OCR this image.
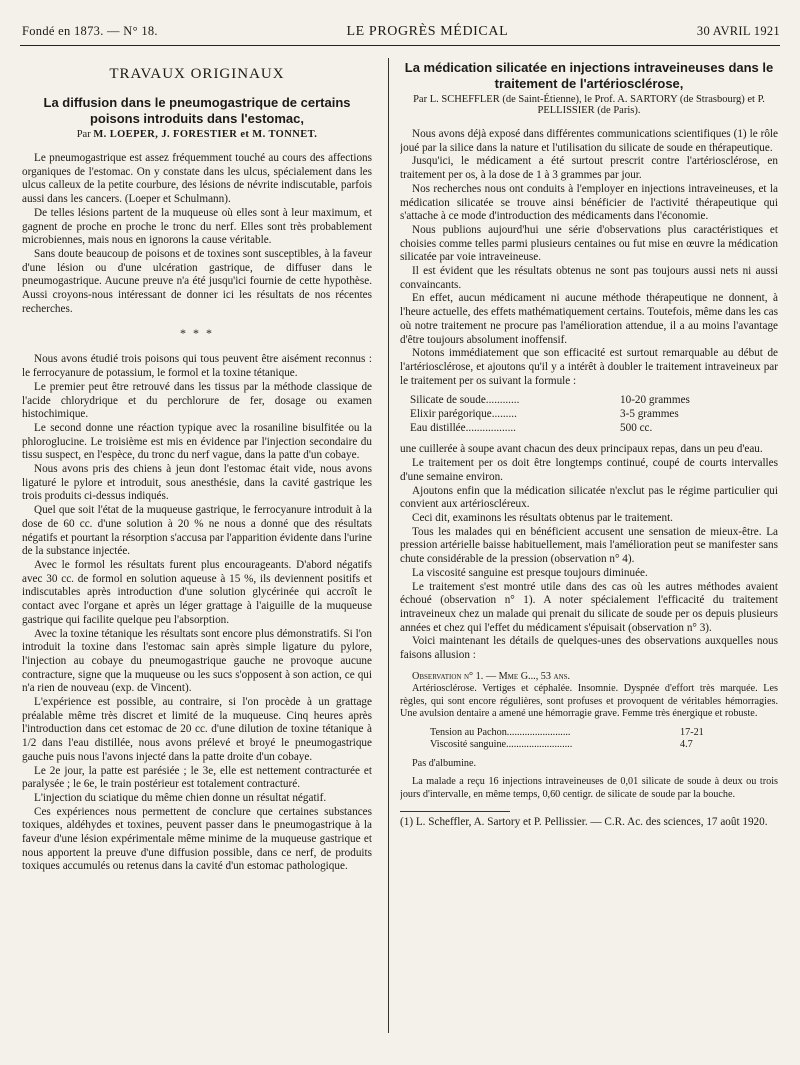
Fondé en 1873. — N° 18.	LE PROGRÈS MÉDICAL	30 AVRIL 1921
TRAVAUX ORIGINAUX
La diffusion dans le pneumogastrique de certains poisons introduits dans l'estomac,
Par M. LOEPER, J. FORESTIER et M. TONNET.

Le pneumogastrique est assez fréquemment touché au cours des affections organiques de l'estomac. On y constate dans les ulcus, spécialement dans les ulcus calleux de la petite courbure, des lésions de névrite indiscutable, parfois aussi dans les cancers. (Loeper et Schulmann).

De telles lésions partent de la muqueuse où elles sont à leur maximum, et gagnent de proche en proche le tronc du nerf. Elles sont très probablement microbiennes, mais nous en ignorons la cause véritable.

Sans doute beaucoup de poisons et de toxines sont susceptibles, à la faveur d'une lésion ou d'une ulcération gastrique, de diffuser dans le pneumogastrique. Aucune preuve n'a été jusqu'ici fournie de cette hypothèse. Aussi croyons-nous intéressant de donner ici les résultats de nos récentes recherches.

* * *

Nous avons étudié trois poisons qui tous peuvent être aisément reconnus : le ferrocyanure de potassium, le formol et la toxine tétanique.

Le premier peut être retrouvé dans les tissus par la méthode classique de l'acide chlorydrique et du perchlorure de fer, dosage ou examen histochimique.

Le second donne une réaction typique avec la rosaniline bisulfitée ou la phloroglucine. Le troisième est mis en évidence par l'injection secondaire du tissu suspect, en l'espèce, du tronc du nerf vague, dans la patte d'un cobaye.

Nous avons pris des chiens à jeun dont l'estomac était vide, nous avons ligaturé le pylore et introduit, sous anesthésie, dans la cavité gastrique les trois produits ci-dessus indiqués.

Quel que soit l'état de la muqueuse gastrique, le ferrocyanure introduit à la dose de 60 cc. d'une solution à 20 % ne nous a donné que des résultats négatifs et pourtant la résorption s'accusa par l'apparition évidente dans l'urine de la substance injectée.

Avec le formol les résultats furent plus encourageants. D'abord négatifs avec 30 cc. de formol en solution aqueuse à 15 %, ils deviennent positifs et indiscutables après introduction d'une solution glycérinée qui accroît le contact avec l'organe et après un léger grattage à l'aiguille de la muqueuse gastrique qui facilite quelque peu l'absorption.

Avec la toxine tétanique les résultats sont encore plus démonstratifs. Si l'on introduit la toxine dans l'estomac sain après simple ligature du pylore, l'injection au cobaye du pneumogastrique gauche ne provoque aucune contracture, signe que la muqueuse ou les sucs s'opposent à son action, ce qui n'a rien de nouveau (exp. de Vincent).

L'expérience est possible, au contraire, si l'on procède à un grattage préalable même très discret et limité de la muqueuse. Cinq heures après l'introduction dans cet estomac de 20 cc. d'une dilution de toxine tétanique à 1/2 dans l'eau distillée, nous avons prélevé et broyé le pneumogastrique gauche puis nous l'avons injecté dans la patte droite d'un cobaye.

Le 2e jour, la patte est parésiée ; le 3e, elle est nettement contracturée et paralysée ; le 6e, le train postérieur est totalement contracturé.

L'injection du sciatique du même chien donne un résultat négatif.

Ces expériences nous permettent de conclure que certaines substances toxiques, aldéhydes et toxines, peuvent passer dans le pneumogastrique à la faveur d'une lésion expérimentale même minime de la muqueuse gastrique et nous apportent la preuve d'une diffusion possible, dans ce nerf, de produits toxiques accumulés ou retenus dans la cavité d'un estomac pathologique.

La médication silicatée en injections intraveineuses dans le traitement de l'artériosclérose,
Par L. SCHEFFLER (de Saint-Étienne), le Prof. A. SARTORY (de Strasbourg) et P. PELLISSIER (de Paris).

Nous avons déjà exposé dans différentes communications scientifiques (1) le rôle joué par la silice dans la nature et l'utilisation du silicate de soude en thérapeutique.

Jusqu'ici, le médicament a été surtout prescrit contre l'artériosclérose, en traitement per os, à la dose de 1 à 3 grammes par jour.

Nos recherches nous ont conduits à l'employer en injections intraveineuses, et la médication silicatée se trouve ainsi bénéficier de l'activité thérapeutique qui s'attache à ce mode d'introduction des médicaments dans l'économie.

Nous publions aujourd'hui une série d'observations plus caractéristiques et choisies comme telles parmi plusieurs centaines ou fut mise en œuvre la médication silicatée par voie intraveineuse.

Il est évident que les résultats obtenus ne sont pas toujours aussi nets ni aussi convaincants.

En effet, aucun médicament ni aucune méthode thérapeutique ne donnent, à l'heure actuelle, des effets mathématiquement certains. Toutefois, même dans les cas où notre traitement ne procure pas l'amélioration attendue, il a au moins l'avantage d'être toujours absolument inoffensif.

Notons immédiatement que son efficacité est surtout remarquable au début de l'artériosclérose, et ajoutons qu'il y a intérêt à doubler le traitement intraveineux par le traitement per os suivant la formule :

Silicate de soude............	10-20 grammes
Elixir parégorique.........	3-5 grammes
Eau distillée..................	500 cc.

une cuillerée à soupe avant chacun des deux principaux repas, dans un peu d'eau.

Le traitement per os doit être longtemps continué, coupé de courts intervalles d'une semaine environ.

Ajoutons enfin que la médication silicatée n'exclut pas le régime particulier qui convient aux artérioscléreux.

Ceci dit, examinons les résultats obtenus par le traitement.

Tous les malades qui en bénéficient accusent une sensation de mieux-être. La pression artérielle baisse habituellement, mais l'amélioration peut se manifester sans chute considérable de la pression (observation n° 4).

La viscosité sanguine est presque toujours diminuée.

Le traitement s'est montré utile dans des cas où les autres méthodes avaient échoué (observation n° 1). A noter spécialement l'efficacité du traitement intraveineux chez un malade qui prenait du silicate de soude per os depuis plusieurs années et chez qui l'effet du médicament s'épuisait (observation n° 3).

Voici maintenant les détails de quelques-unes des observations auxquelles nous faisons allusion :

Observation n° 1. — Mme G..., 53 ans.

Artériosclérose. Vertiges et céphalée. Insomnie. Dyspnée d'effort très marquée. Les règles, qui sont encore régulières, sont profuses et provoquent de véritables hémorragies. Une avulsion dentaire a amené une hémorragie grave. Femme très énergique et robuste.

Tension au Pachon.........................	17-21
Viscosité sanguine..........................	4.7

Pas d'albumine.

La malade a reçu 16 injections intraveineuses de 0,01 silicate de soude à deux ou trois jours d'intervalle, en même temps, 0,60 centigr. de silicate de soude par la bouche.

(1) L. Scheffler, A. Sartory et P. Pellissier. — C.R. Ac. des sciences, 17 août 1920.
